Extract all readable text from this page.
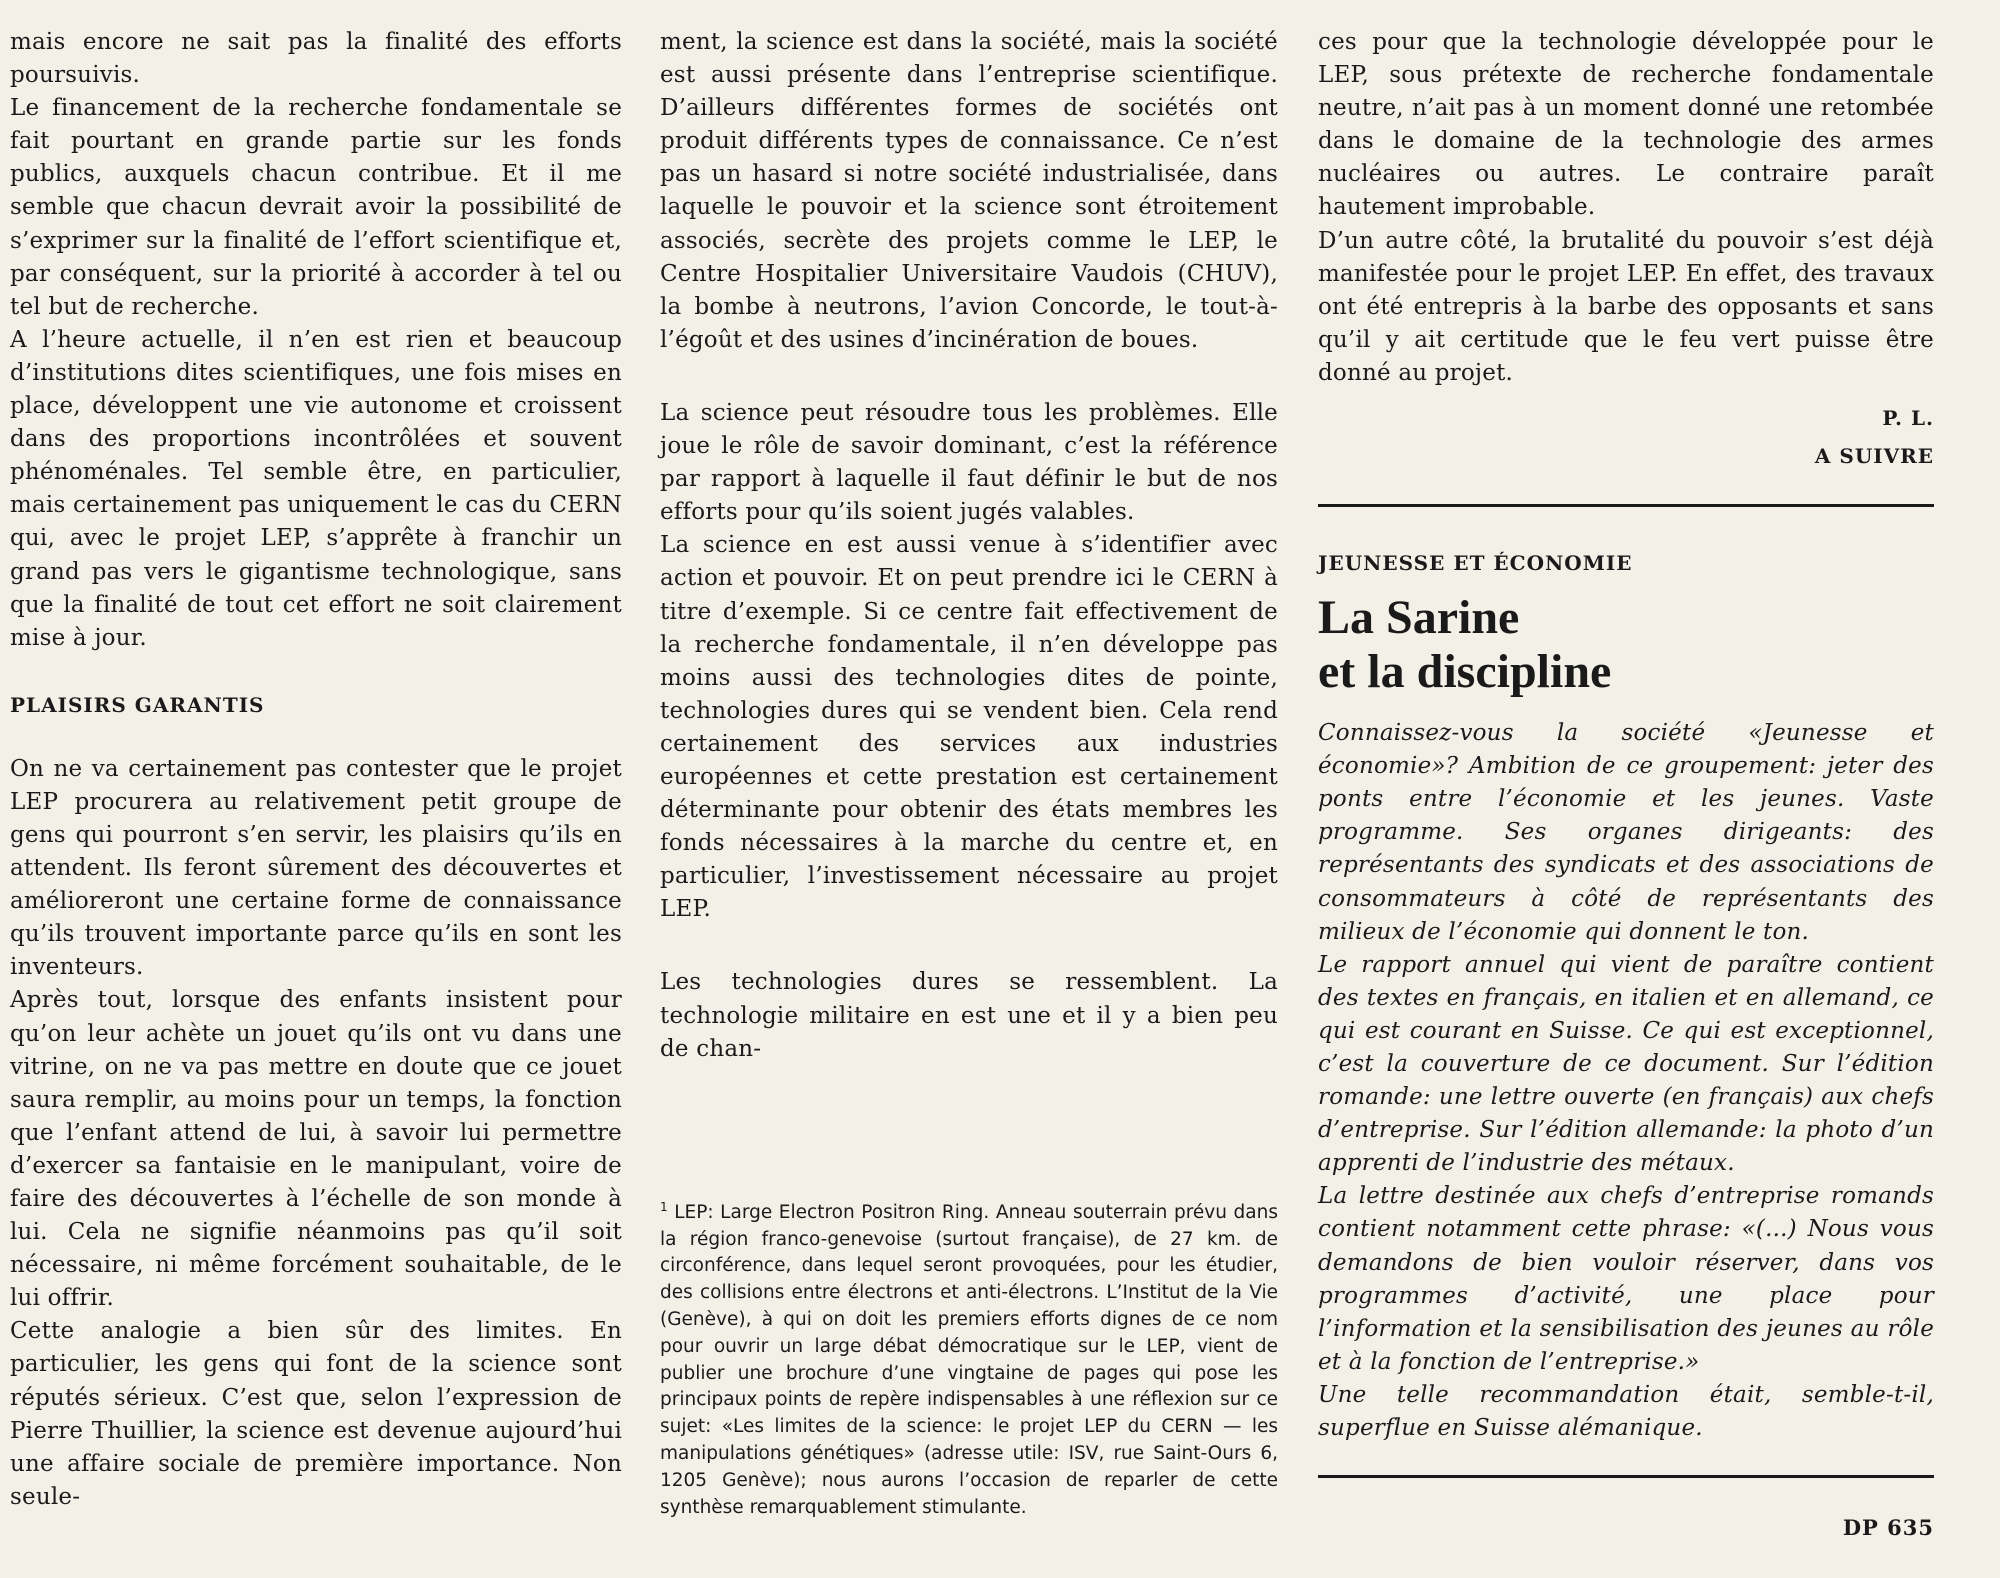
mais encore ne sait pas la finalité des efforts poursuivis.

Le financement de la recherche fondamentale se fait pourtant en grande partie sur les fonds publics, auxquels chacun contribue. Et il me semble que chacun devrait avoir la possibilité de s’exprimer sur la finalité de l’effort scientifique et, par conséquent, sur la priorité à accorder à tel ou tel but de recherche.

A l’heure actuelle, il n’en est rien et beaucoup d’institutions dites scientifiques, une fois mises en place, développent une vie autonome et croissent dans des proportions incontrôlées et souvent phénoménales. Tel semble être, en particulier, mais certainement pas uniquement le cas du CERN qui, avec le projet LEP, s’apprête à franchir un grand pas vers le gigantisme technologique, sans que la finalité de tout cet effort ne soit clairement mise à jour.

PLAISIRS GARANTIS

On ne va certainement pas contester que le projet LEP procurera au relativement petit groupe de gens qui pourront s’en servir, les plaisirs qu’ils en attendent. Ils feront sûrement des découvertes et amélioreront une certaine forme de connaissance qu’ils trouvent importante parce qu’ils en sont les inventeurs.

Après tout, lorsque des enfants insistent pour qu’on leur achète un jouet qu’ils ont vu dans une vitrine, on ne va pas mettre en doute que ce jouet saura remplir, au moins pour un temps, la fonction que l’enfant attend de lui, à savoir lui permettre d’exercer sa fantaisie en le manipulant, voire de faire des découvertes à l’échelle de son monde à lui. Cela ne signifie néanmoins pas qu’il soit nécessaire, ni même forcément souhaitable, de le lui offrir.

Cette analogie a bien sûr des limites. En particulier, les gens qui font de la science sont réputés sérieux. C’est que, selon l’expression de Pierre Thuillier, la science est devenue aujourd’hui une affaire sociale de première importance. Non seule-

ment, la science est dans la société, mais la société est aussi présente dans l’entreprise scientifique. D’ailleurs différentes formes de sociétés ont produit différents types de connaissance. Ce n’est pas un hasard si notre société industrialisée, dans laquelle le pouvoir et la science sont étroitement associés, secrète des projets comme le LEP, le Centre Hospitalier Universitaire Vaudois (CHUV), la bombe à neutrons, l’avion Concorde, le tout-à-l’égoût et des usines d’incinération de boues.

La science peut résoudre tous les problèmes. Elle joue le rôle de savoir dominant, c’est la référence par rapport à laquelle il faut définir le but de nos efforts pour qu’ils soient jugés valables.

La science en est aussi venue à s’identifier avec action et pouvoir. Et on peut prendre ici le CERN à titre d’exemple. Si ce centre fait effectivement de la recherche fondamentale, il n’en développe pas moins aussi des technologies dites de pointe, technologies dures qui se vendent bien. Cela rend certainement des services aux industries européennes et cette prestation est certainement déterminante pour obtenir des états membres les fonds nécessaires à la marche du centre et, en particulier, l’investissement nécessaire au projet LEP.

Les technologies dures se ressemblent. La technologie militaire en est une et il y a bien peu de chan-

$^1$ LEP: Large Electron Positron Ring. Anneau souterrain prévu dans la région franco-genevoise (surtout française), de 27 km. de circonférence, dans lequel seront provoquées, pour les étudier, des collisions entre électrons et anti-électrons. L’Institut de la Vie (Genève), à qui on doit les premiers efforts dignes de ce nom pour ouvrir un large débat démocratique sur le LEP, vient de publier une brochure d’une vingtaine de pages qui pose les principaux points de repère indispensables à une réflexion sur ce sujet: «Les limites de la science: le projet LEP du CERN — les manipulations génétiques» (adresse utile: ISV, rue Saint-Ours 6, 1205 Genève); nous aurons l’occasion de reparler de cette synthèse remarquablement stimulante.

ces pour que la technologie développée pour le LEP, sous prétexte de recherche fondamentale neutre, n’ait pas à un moment donné une retombée dans le domaine de la technologie des armes nucléaires ou autres. Le contraire paraît hautement improbable.

D’un autre côté, la brutalité du pouvoir s’est déjà manifestée pour le projet LEP. En effet, des travaux ont été entrepris à la barbe des opposants et sans qu’il y ait certitude que le feu vert puisse être donné au projet.

P. L.
A SUIVRE
JEUNESSE ET ÉCONOMIE
La Sarine
et la discipline

Connaissez-vous la société «Jeunesse et économie»? Ambition de ce groupement: jeter des ponts entre l’économie et les jeunes. Vaste programme. Ses organes dirigeants: des représentants des syndicats et des associations de consommateurs à côté de représentants des milieux de l’économie qui donnent le ton.

Le rapport annuel qui vient de paraître contient des textes en français, en italien et en allemand, ce qui est courant en Suisse. Ce qui est exceptionnel, c’est la couverture de ce document. Sur l’édition romande: une lettre ouverte (en français) aux chefs d’entreprise. Sur l’édition allemande: la photo d’un apprenti de l’industrie des métaux.

La lettre destinée aux chefs d’entreprise romands contient notamment cette phrase: «(...) Nous vous demandons de bien vouloir réserver, dans vos programmes d’activité, une place pour l’information et la sensibilisation des jeunes au rôle et à la fonction de l’entreprise.»

Une telle recommandation était, semble-t-il, superflue en Suisse alémanique.

DP 635
